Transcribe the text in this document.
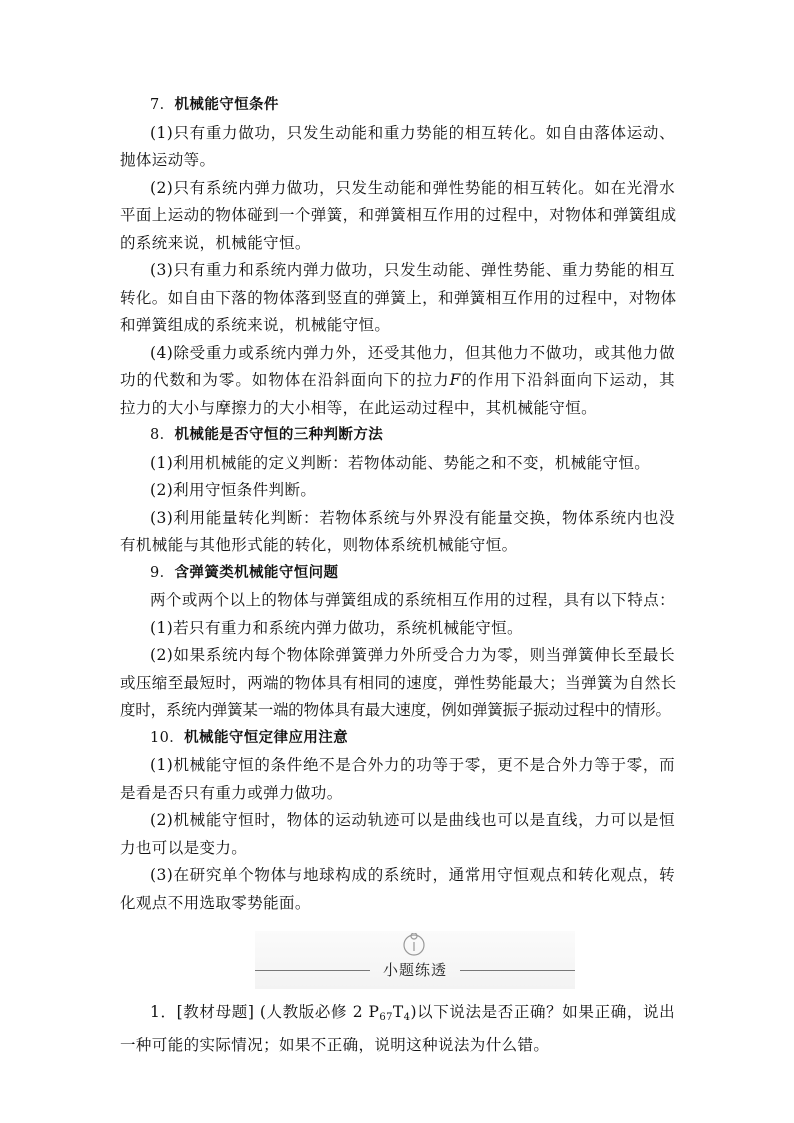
7．机械能守恒条件
(1)只有重力做功，只发生动能和重力势能的相互转化。如自由落体运动、
抛体运动等。
(2)只有系统内弹力做功，只发生动能和弹性势能的相互转化。如在光滑水
平面上运动的物体碰到一个弹簧，和弹簧相互作用的过程中，对物体和弹簧组成
的系统来说，机械能守恒。
(3)只有重力和系统内弹力做功，只发生动能、弹性势能、重力势能的相互
转化。如自由下落的物体落到竖直的弹簧上，和弹簧相互作用的过程中，对物体
和弹簧组成的系统来说，机械能守恒。
(4)除受重力或系统内弹力外，还受其他力，但其他力不做功，或其他力做
功的代数和为零。如物体在沿斜面向下的拉力F的作用下沿斜面向下运动，其
拉力的大小与摩擦力的大小相等，在此运动过程中，其机械能守恒。
8．机械能是否守恒的三种判断方法
(1)利用机械能的定义判断：若物体动能、势能之和不变，机械能守恒。
(2)利用守恒条件判断。
(3)利用能量转化判断：若物体系统与外界没有能量交换，物体系统内也没
有机械能与其他形式能的转化，则物体系统机械能守恒。
9．含弹簧类机械能守恒问题
两个或两个以上的物体与弹簧组成的系统相互作用的过程，具有以下特点：
(1)若只有重力和系统内弹力做功，系统机械能守恒。
(2)如果系统内每个物体除弹簧弹力外所受合力为零，则当弹簧伸长至最长
或压缩至最短时，两端的物体具有相同的速度，弹性势能最大；当弹簧为自然长
度时，系统内弹簧某一端的物体具有最大速度，例如弹簧振子振动过程中的情形。
10．机械能守恒定律应用注意
(1)机械能守恒的条件绝不是合外力的功等于零，更不是合外力等于零，而
是看是否只有重力或弹力做功。
(2)机械能守恒时，物体的运动轨迹可以是曲线也可以是直线，力可以是恒
力也可以是变力。
(3)在研究单个物体与地球构成的系统时，通常用守恒观点和转化观点，转
化观点不用选取零势能面。
小题练透
1．[教材母题] (人教版必修 2 $P_{67}T_4$)以下说法是否正确？如果正确，说出
一种可能的实际情况；如果不正确，说明这种说法为什么错。
